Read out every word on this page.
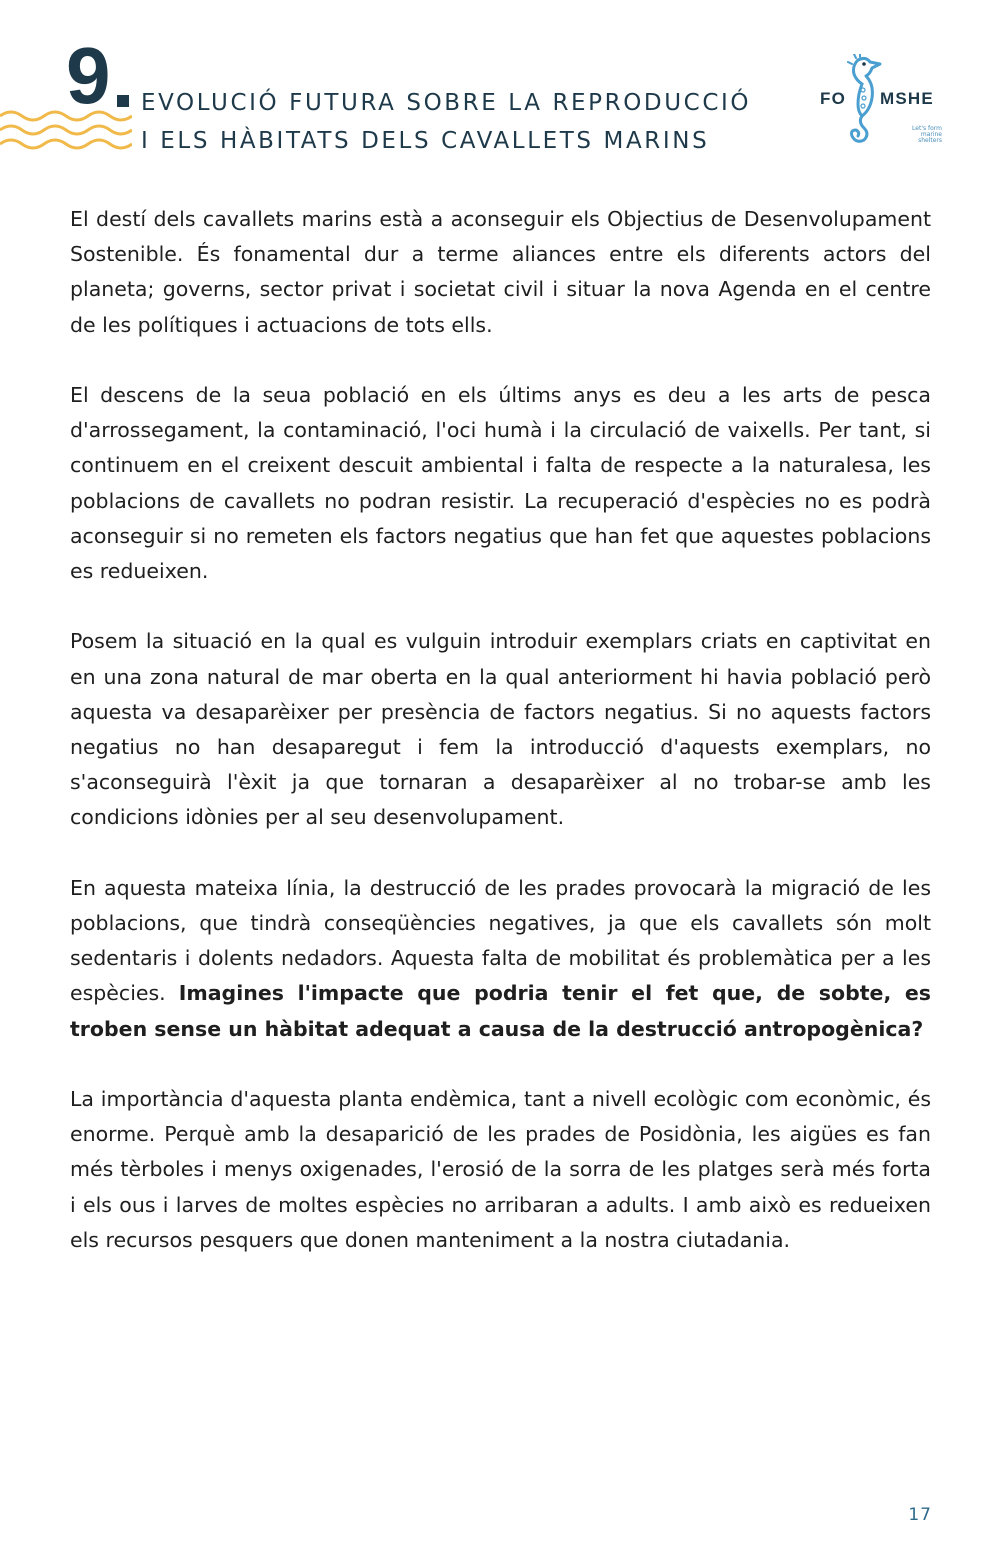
9 EVOLUCIÓ FUTURA SOBRE LA REPRODUCCIÓ
I ELS HÀBITATS DELS CAVALLETS MARINS
FO MSHE
Let's form marine shelters

El destí dels cavallets marins està a aconseguir els Objectius de Desenvolupament Sostenible. És fonamental dur a terme aliances entre els diferents actors del planeta; governs, sector privat i societat civil i situar la nova Agenda en el centre de les polítiques i actuacions de tots ells.

El descens de la seua població en els últims anys es deu a les arts de pesca d'arrossegament, la contaminació, l'oci humà i la circulació de vaixells. Per tant, si continuem en el creixent descuit ambiental i falta de respecte a la naturalesa, les poblacions de cavallets no podran resistir. La recuperació d'espècies no es podrà aconseguir si no remeten els factors negatius que han fet que aquestes poblacions es redueixen.

Posem la situació en la qual es vulguin introduir exemplars criats en captivitat en en una zona natural de mar oberta en la qual anteriorment hi havia població però aquesta va desaparèixer per presència de factors negatius. Si no aquests factors negatius no han desaparegut i fem la introducció d'aquests exemplars, no s'aconseguirà l'èxit ja que tornaran a desaparèixer al no trobar-se amb les condicions idònies per al seu desenvolupament.

En aquesta mateixa línia, la destrucció de les prades provocarà la migració de les poblacions, que tindrà conseqüències negatives, ja que els cavallets són molt sedentaris i dolents nedadors. Aquesta falta de mobilitat és problemàtica per a les espècies. Imagines l'impacte que podria tenir el fet que, de sobte, es troben sense un hàbitat adequat a causa de la destrucció antropogènica?

La importància d'aquesta planta endèmica, tant a nivell ecològic com econòmic, és enorme. Perquè amb la desaparició de les prades de Posidònia, les aigües es fan més tèrboles i menys oxigenades, l'erosió de la sorra de les platges serà més forta i els ous i larves de moltes espècies no arribaran a adults. I amb això es redueixen els recursos pesquers que donen manteniment a la nostra ciutadania.

17
